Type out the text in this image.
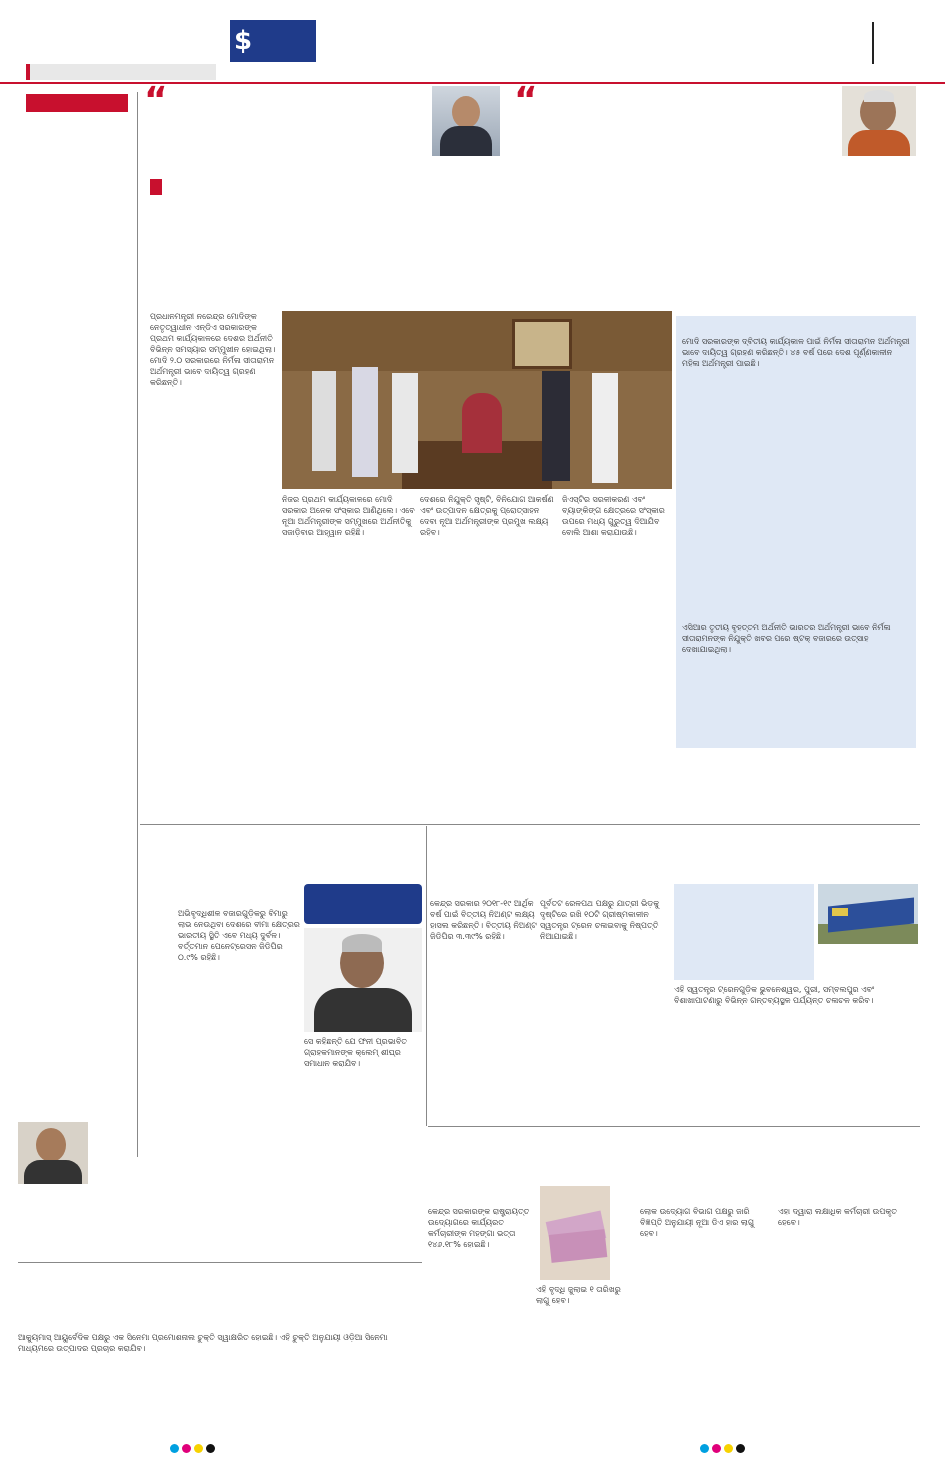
$
“	“
ପ୍ରଧାନମନ୍ତ୍ରୀ ନରେନ୍ଦ୍ର ମୋଦିଙ୍କ ନେତୃତ୍ୱାଧୀନ ଏନ୍‌ଡିଏ ସରକାରଙ୍କ ପ୍ରଥମ କାର୍ଯ୍ୟକାଳରେ ଦେଶର ଅର୍ଥନୀତି ବିଭିନ୍ନ ସମସ୍ୟାର ସମ୍ମୁଖୀନ ହୋଇଥିଲା। ମୋଦି ୨.୦ ସରକାରରେ ନିର୍ମଳା ସୀତାରାମନ ଅର୍ଥମନ୍ତ୍ରୀ ଭାବେ ଦାୟିତ୍ୱ ଗ୍ରହଣ କରିଛନ୍ତି।
ନିଜର ପ୍ରଥମ କାର୍ଯ୍ୟକାଳରେ ମୋଦି ସରକାର ଅନେକ ସଂସ୍କାର ଆଣିଥିଲେ। ଏବେ ନୂଆ ଅର୍ଥମନ୍ତ୍ରୀଙ୍କ ସମ୍ମୁଖରେ ଅର୍ଥନୀତିକୁ ସଜାଡ଼ିବାର ଆହ୍ୱାନ ରହିଛି।
ଦେଶରେ ନିଯୁକ୍ତି ସୃଷ୍ଟି, ବିନିଯୋଗ ଆକର୍ଷଣ ଏବଂ ଉତ୍ପାଦନ କ୍ଷେତ୍ରକୁ ପ୍ରୋତ୍ସାହନ ଦେବା ନୂଆ ଅର୍ଥମନ୍ତ୍ରୀଙ୍କ ପ୍ରମୁଖ ଲକ୍ଷ୍ୟ ରହିବ।
ଜିଏସ୍‌ଟିର ସରଳୀକରଣ ଏବଂ ବ୍ୟାଙ୍କିଙ୍ଗ କ୍ଷେତ୍ରରେ ସଂସ୍କାର ଉପରେ ମଧ୍ୟ ଗୁରୁତ୍ୱ ଦିଆଯିବ ବୋଲି ଆଶା କରାଯାଉଛି।
ମୋଦି ସରକାରଙ୍କ ଦ୍ବିତୀୟ କାର୍ଯ୍ୟକାଳ ପାଇଁ ନିର୍ମଳା ସୀତାରାମନ ଅର୍ଥମନ୍ତ୍ରୀ ଭାବେ ଦାୟିତ୍ୱ ଗ୍ରହଣ କରିଛନ୍ତି। ୪୫ ବର୍ଷ ପରେ ଦେଶ ପୂର୍ଣ୍ଣକାଳୀନ ମହିଳା ଅର୍ଥମନ୍ତ୍ରୀ ପାଇଛି।
ଏସିଆର ତୃତୀୟ ବୃହତ୍ତମ ଅର୍ଥନୀତି ଭାରତର ଅର୍ଥମନ୍ତ୍ରୀ ଭାବେ ନିର୍ମଳା ସୀତାରାମନଙ୍କ ନିଯୁକ୍ତି ଖବର ପରେ ଷ୍ଟକ୍ ବଜାରରେ ଉତ୍ସାହ ଦେଖାଯାଇଥିଲା।
ଅଭିବୃଦ୍ଧିଶୀଳ ବଜାରଗୁଡ଼ିକରୁ ବିମାରୁ ଲାଭ ନେଉଥିବା ଦେଶରେ ବୀମା କ୍ଷେତ୍ରର ଭାରତୀୟ ସ୍ଥିତି ଏବେ ମଧ୍ୟ ଦୁର୍ବଳ। ବର୍ତ୍ତମାନ ପେନେଟ୍ରେସନ ଜିଡିପିର ୦.୯% ରହିଛି।
ସେ କହିଛନ୍ତି ଯେ ଫନୀ ପ୍ରଭାବିତ ଗ୍ରାହକମାନଙ୍କ କ୍ଲେମ୍ ଶୀଘ୍ର ସମାଧାନ କରାଯିବ।
କେନ୍ଦ୍ର ସରକାର ୨୦୧୮-୧୯ ଆର୍ଥିକ ବର୍ଷ ପାଇଁ ବିତ୍ତୀୟ ନିଅଣ୍ଟ ଲକ୍ଷ୍ୟ ହାସଲ କରିଛନ୍ତି। ବିତ୍ତୀୟ ନିଅଣ୍ଟ ଜିଡିପିର ୩.୩୯% ରହିଛି।
ପୂର୍ବତଟ ରେଳପଥ ପକ୍ଷରୁ ଯାତ୍ରୀ ଭିଡ଼କୁ ଦୃଷ୍ଟିରେ ରଖି ୧୦ଟି ଗ୍ରୀଷ୍ମକାଳୀନ ସ୍ୱତନ୍ତ୍ର ଟ୍ରେନ ଚଳାଇବାକୁ ନିଷ୍ପତ୍ତି ନିଆଯାଇଛି।
ଏହି ସ୍ୱତନ୍ତ୍ର ଟ୍ରେନଗୁଡ଼ିକ ଭୁବନେଶ୍ୱର, ପୁରୀ, ସମ୍ବଲପୁର ଏବଂ ବିଶାଖାପାଟଣାରୁ ବିଭିନ୍ନ ଗନ୍ତବ୍ୟସ୍ଥଳ ପର୍ଯ୍ୟନ୍ତ ଚଳାଚଳ କରିବ।
କେନ୍ଦ୍ର ସରକାରଙ୍କ ରାଷ୍ଟ୍ରାୟତ୍ତ ଉଦ୍ୟୋଗରେ କାର୍ଯ୍ୟରତ କର୍ମଚାରୀଙ୍କ ମହଙ୍ଗା ଭତ୍ତା ୧୪୬.୧୮% ହୋଇଛି।
ଏହି ବୃଦ୍ଧି ଜୁଲାଇ ୧ ତାରିଖରୁ ଲାଗୁ ହେବ।
ଲୋକ ଉଦ୍ୟୋଗ ବିଭାଗ ପକ୍ଷରୁ ଜାରି ବିଜ୍ଞପ୍ତି ଅନୁଯାୟୀ ନୂଆ ଡିଏ ହାର ଲାଗୁ ହେବ।
ଏହା ଦ୍ୱାରା ଲକ୍ଷାଧିକ କର୍ମଚାରୀ ଉପକୃତ ହେବେ।
ଆକ୍ୟୁମାସ୍ ଆୟୁର୍ବେଦିକ ପକ୍ଷରୁ ଏକ ସିନେମା ପ୍ରମୋଶନାଲ ଚୁକ୍ତି ସ୍ୱାକ୍ଷରିତ ହୋଇଛି। ଏହି ଚୁକ୍ତି ଅନୁଯାୟୀ ଓଡ଼ିଆ ସିନେମା ମାଧ୍ୟମରେ ଉତ୍ପାଦର ପ୍ରଚାର କରାଯିବ।
